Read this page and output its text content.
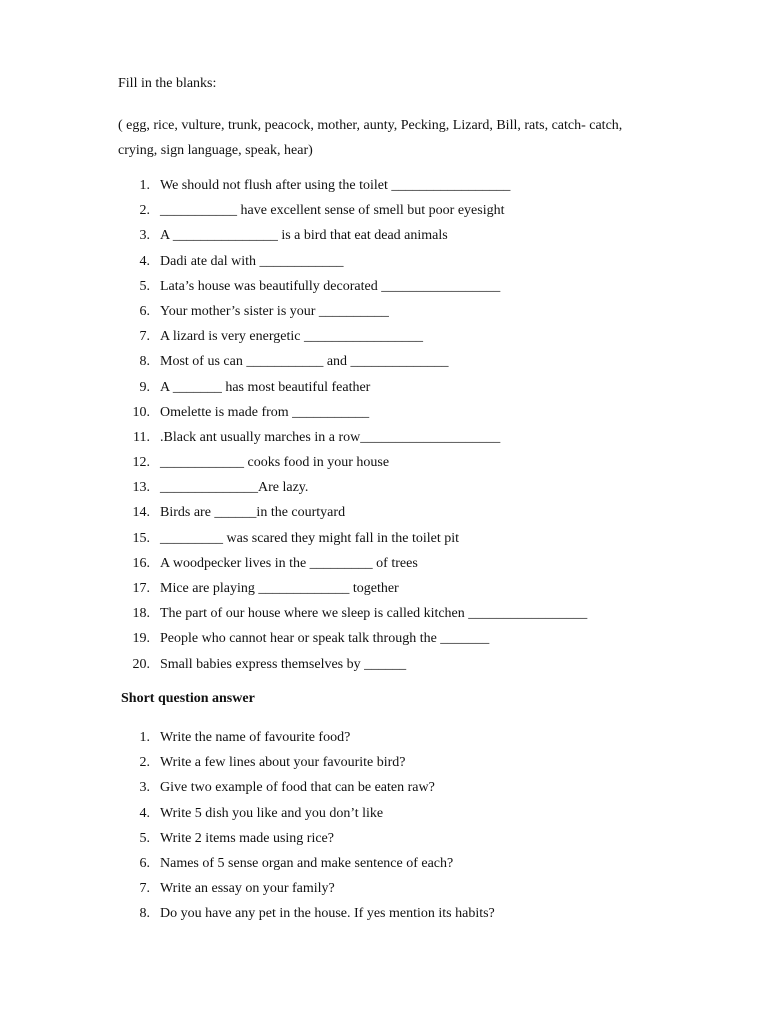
Fill in the blanks:
( egg, rice, vulture, trunk, peacock, mother, aunty, Pecking, Lizard, Bill, rats, catch- catch, crying, sign language, speak, hear)
1. We should not flush after using the toilet _________________
2. ___________ have excellent sense of smell but poor eyesight
3. A _______________ is a bird that eat dead animals
4. Dadi ate dal with ____________
5. Lata’s house was beautifully decorated _________________
6. Your mother’s sister is your __________
7. A lizard is very energetic _________________
8. Most of us can ___________ and ______________
9. A _______ has most beautiful feather
10. Omelette is made from ___________
11. .Black ant usually marches in a row____________________
12. ____________ cooks food in your house
13. ______________Are lazy.
14. Birds are ______in the courtyard
15. _________ was scared they might fall in the toilet pit
16. A woodpecker lives in the _________ of trees
17. Mice are playing _____________ together
18. The part of our house where we sleep is called kitchen _________________
19. People who cannot hear or speak talk through the _______
20. Small babies express themselves by ______
Short question answer
1. Write the name of favourite food?
2. Write a few lines about your favourite bird?
3. Give two example of food that can be eaten raw?
4. Write 5 dish you like and you don’t like
5. Write 2 items made using rice?
6. Names of 5 sense organ and make sentence of each?
7. Write an essay on your family?
8. Do you have any pet in the house. If yes mention its habits?
